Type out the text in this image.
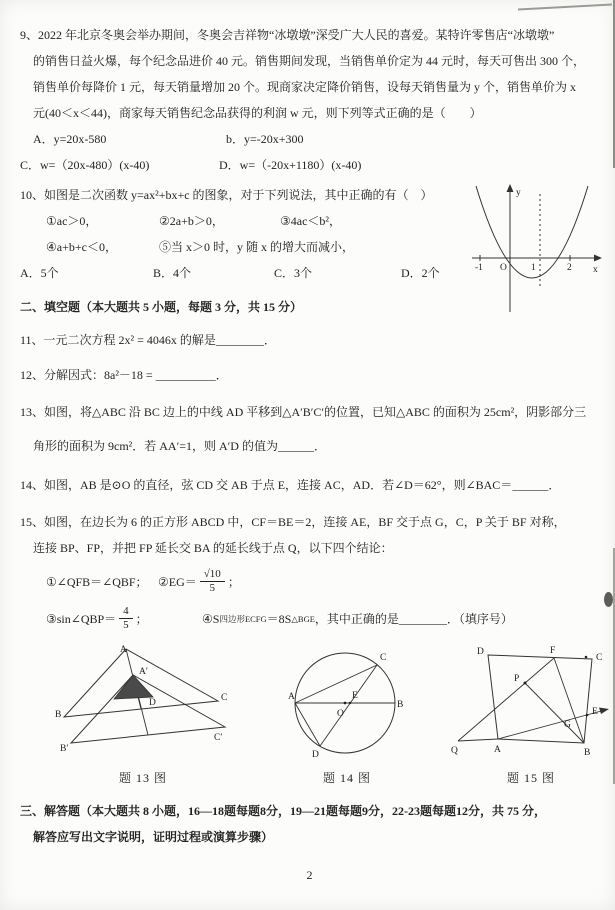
9、2022 年北京冬奥会举办期间，冬奥会吉祥物“冰墩墩”深受广大人民的喜爱。某特许零售店“冰墩墩”

的销售日益火爆，每个纪念品进价 40 元。销售期间发现，当销售单价定为 44 元时，每天可售出 300 个，

销售单价每降价 1 元，每天销量增加 20 个。现商家决定降价销售，设每天销售量为 y 个，销售单价为 x

元(40＜x＜44)，商家每天销售纪念品获得的利润 w 元，则下列等式正确的是（　　）

A．y=20x-580	b．y=-20x+300

C．w=（20x-480）(x-40)	D．w=（-20x+1180）(x-40)

10、如图是二次函数 y=ax²+bx+c 的图象，对于下列说法，其中正确的有（　）

①ac＞0，	②2a+b＞0，	③4ac＜b²，

④a+b+c＜0，	⑤当 x＞0 时，y 随 x 的增大而减小，

A．5个	B．4个	C．3个	D．2个

y
x
O
-1	1	2

二、填空题（本大题共 5 小题，每题 3 分，共 15 分）

11、一元二次方程 2x² = 4046x 的解是________．

12、分解因式：8a²－18 = __________．

13、如图，将△ABC 沿 BC 边上的中线 AD 平移到△A′B′C′的位置，已知△ABC 的面积为 25cm²，阴影部分三

角形的面积为 9cm²．若 AA′=1，则 A′D 的值为______．

14、如图，AB 是⊙O 的直径，弦 CD 交 AB 于点 E，连接 AC，AD．若∠D＝62°，则∠BAC＝______．

15、如图，在边长为 6 的正方形 ABCD 中，CF＝BE＝2，连接 AE，BF 交于点 G，C，P 关于 BF 对称，

连接 BP、FP，并把 FP 延长交 BA 的延长线于点 Q，以下四个结论：

①∠QFB＝∠QBF； ②EG＝ $\frac{√10}{5}$ ；

③sin∠QBP＝ $\frac{4}{5}$ ；	④S 四边形ECFG ＝8S △BGE ，其中正确的是________．（填序号）

A
A′
B
B′
C
C′
D
题 13 图
A
B
C
D
O
E
题 14 图
D	F
C
P
E
G
Q	A	B
题 15 图

三、解答题（本大题共 8 小题，16—18题每题8分，19—21题每题9分，22-23题每题12分，共 75 分，

解答应写出文字说明，证明过程或演算步骤）

2
